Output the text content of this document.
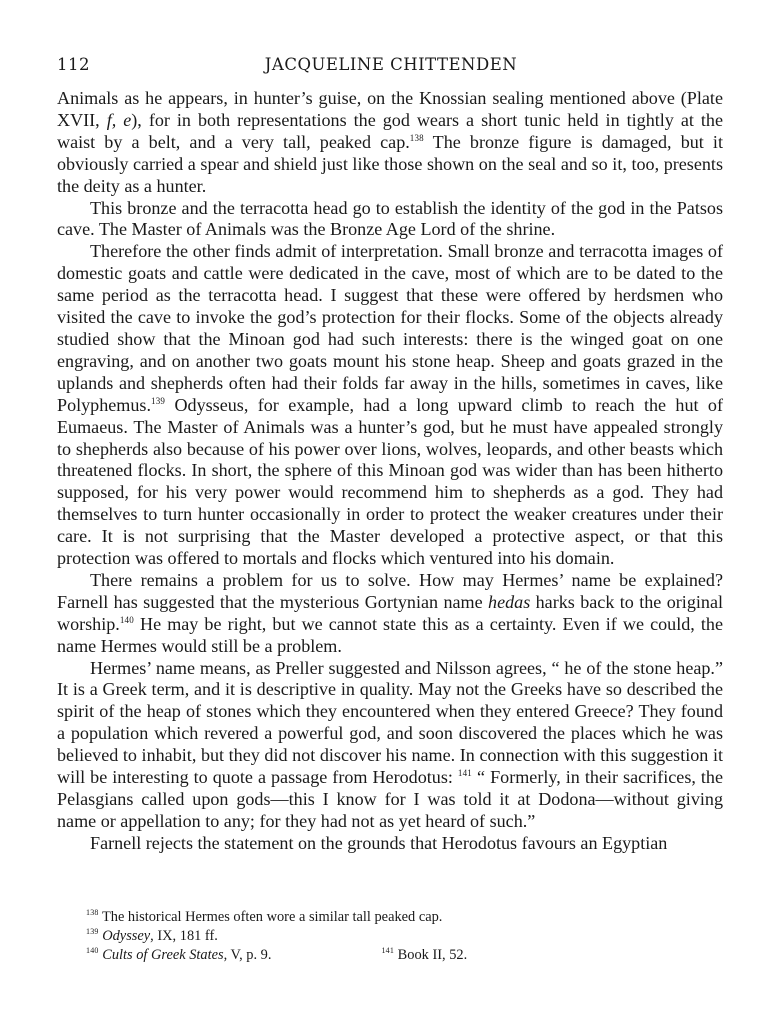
112	JACQUELINE CHITTENDEN

Animals as he appears, in hunter’s guise, on the Knossian sealing mentioned above (Plate XVII, f, e), for in both representations the god wears a short tunic held in tightly at the waist by a belt, and a very tall, peaked cap.$^{138}$ The bronze figure is damaged, but it obviously carried a spear and shield just like those shown on the seal and so it, too, presents the deity as a hunter.

This bronze and the terracotta head go to establish the identity of the god in the Patsos cave. The Master of Animals was the Bronze Age Lord of the shrine.

Therefore the other finds admit of interpretation. Small bronze and terracotta images of domestic goats and cattle were dedicated in the cave, most of which are to be dated to the same period as the terracotta head. I suggest that these were offered by herdsmen who visited the cave to invoke the god’s protection for their flocks. Some of the objects already studied show that the Minoan god had such interests: there is the winged goat on one engraving, and on another two goats mount his stone heap. Sheep and goats grazed in the uplands and shepherds often had their folds far away in the hills, sometimes in caves, like Polyphemus.$^{139}$ Odysseus, for example, had a long upward climb to reach the hut of Eumaeus. The Master of Animals was a hunter’s god, but he must have appealed strongly to shepherds also because of his power over lions, wolves, leopards, and other beasts which threatened flocks. In short, the sphere of this Minoan god was wider than has been hitherto supposed, for his very power would recommend him to shepherds as a god. They had themselves to turn hunter occasionally in order to protect the weaker creatures under their care. It is not surprising that the Master developed a protective aspect, or that this protection was offered to mortals and flocks which ventured into his domain.

There remains a problem for us to solve. How may Hermes’ name be explained? Farnell has suggested that the mysterious Gortynian name hedas harks back to the original worship.$^{140}$ He may be right, but we cannot state this as a certainty. Even if we could, the name Hermes would still be a problem.

Hermes’ name means, as Preller suggested and Nilsson agrees, “ he of the stone heap.” It is a Greek term, and it is descriptive in quality. May not the Greeks have so described the spirit of the heap of stones which they encountered when they entered Greece? They found a population which revered a powerful god, and soon discovered the places which he was believed to inhabit, but they did not discover his name. In connection with this suggestion it will be interesting to quote a passage from Herodotus: $^{141}$ “ Formerly, in their sacrifices, the Pelasgians called upon gods—this I know for I was told it at Dodona—without giving name or appellation to any; for they had not as yet heard of such.”

Farnell rejects the statement on the grounds that Herodotus favours an Egyptian

$^{138}$ The historical Hermes often wore a similar tall peaked cap.
$^{139}$ Odyssey, IX, 181 ff.
$^{140}$ Cults of Greek States, V, p. 9.	$^{141}$ Book II, 52.
